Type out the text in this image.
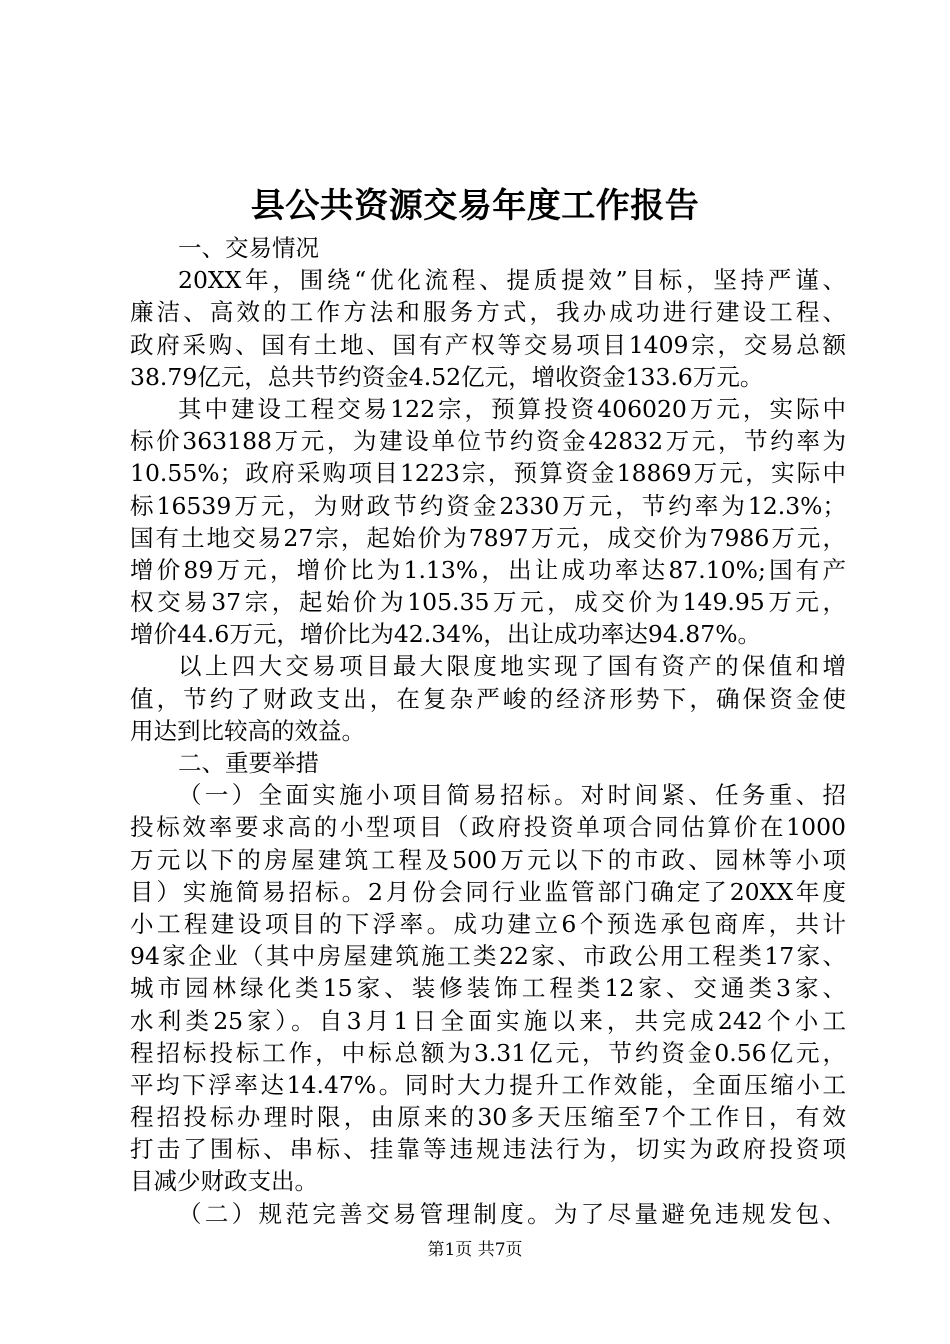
县公共资源交易年度工作报告
一、交易情况
20XX年，围绕“优化流程、提质提效”目标，坚持严谨、
廉洁、高效的工作方法和服务方式，我办成功进行建设工程、
政府采购、国有土地、国有产权等交易项目1409宗，交易总额
38.79亿元，总共节约资金4.52亿元，增收资金133.6万元。
其中建设工程交易122宗，预算投资406020万元，实际中
标价363188万元，为建设单位节约资金42832万元，节约率为
10.55%；政府采购项目1223宗，预算资金18869万元，实际中
标16539万元，为财政节约资金2330万元，节约率为12.3%；
国有土地交易27宗，起始价为7897万元，成交价为7986万元，
增价89万元，增价比为1.13%，出让成功率达87.10%;国有产
权交易37宗，起始价为105.35万元，成交价为149.95万元，
增价44.6万元，增价比为42.34%，出让成功率达94.87%。
以上四大交易项目最大限度地实现了国有资产的保值和增
值，节约了财政支出，在复杂严峻的经济形势下，确保资金使
用达到比较高的效益。
二、重要举措
（一）全面实施小项目简易招标。对时间紧、任务重、招
投标效率要求高的小型项目（政府投资单项合同估算价在1000
万元以下的房屋建筑工程及500万元以下的市政、园林等小项
目）实施简易招标。2月份会同行业监管部门确定了20XX年度
小工程建设项目的下浮率。成功建立6个预选承包商库，共计
94家企业（其中房屋建筑施工类22家、市政公用工程类17家、
城市园林绿化类15家、装修装饰工程类12家、交通类3家、
水利类25家）。自3月1日全面实施以来，共完成242个小工
程招标投标工作，中标总额为3.31亿元，节约资金0.56亿元，
平均下浮率达14.47%。同时大力提升工作效能，全面压缩小工
程招投标办理时限，由原来的30多天压缩至7个工作日，有效
打击了围标、串标、挂靠等违规违法行为，切实为政府投资项
目减少财政支出。
（二）规范完善交易管理制度。为了尽量避免违规发包、
第1页 共7页
